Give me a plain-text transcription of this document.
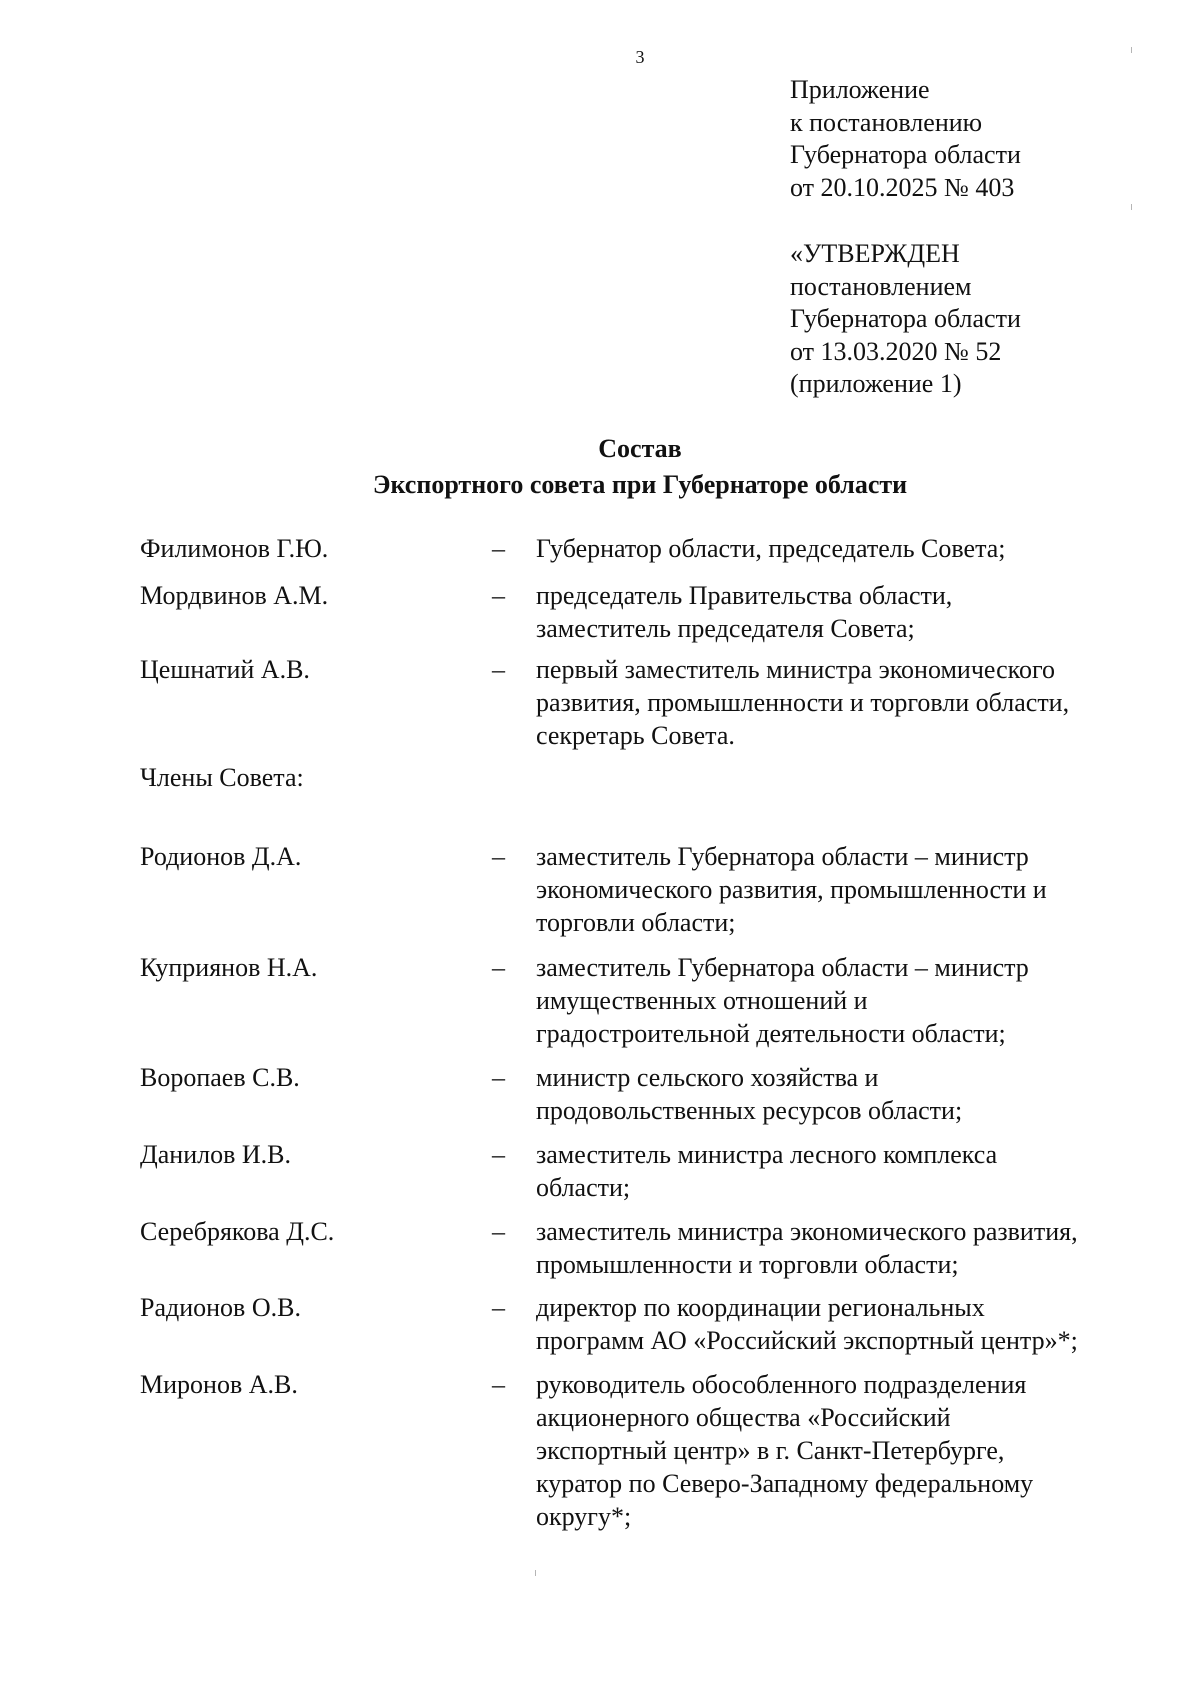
3
Приложение
к постановлению
Губернатора области
от 20.10.2025 № 403
«УТВЕРЖДЕН
постановлением
Губернатора области
от 13.03.2020 № 52
(приложение 1)
Состав
Экспортного совета при Губернаторе области
Филимонов Г.Ю.	– Губернатор области, председатель Совета;
Мордвинов А.М.	– председатель Правительства области,
заместитель председателя Совета;
Цешнатий А.В.	– первый заместитель министра экономического
развития, промышленности и торговли области,
секретарь Совета.
Члены Совета:
Родионов Д.А.	– заместитель Губернатора области – министр
экономического развития, промышленности и
торговли области;
Куприянов Н.А.	– заместитель Губернатора области – министр
имущественных отношений и
градостроительной деятельности области;
Воропаев С.В.	– министр сельского хозяйства и
продовольственных ресурсов области;
Данилов И.В.	– заместитель министра лесного комплекса
области;
Серебрякова Д.С.	– заместитель министра экономического развития,
промышленности и торговли области;
Радионов О.В.	– директор по координации региональных
программ АО «Российский экспортный центр»*;
Миронов А.В.	– руководитель обособленного подразделения
акционерного общества «Российский
экспортный центр» в г. Санкт-Петербурге,
куратор по Северо-Западному федеральному
округу*;
